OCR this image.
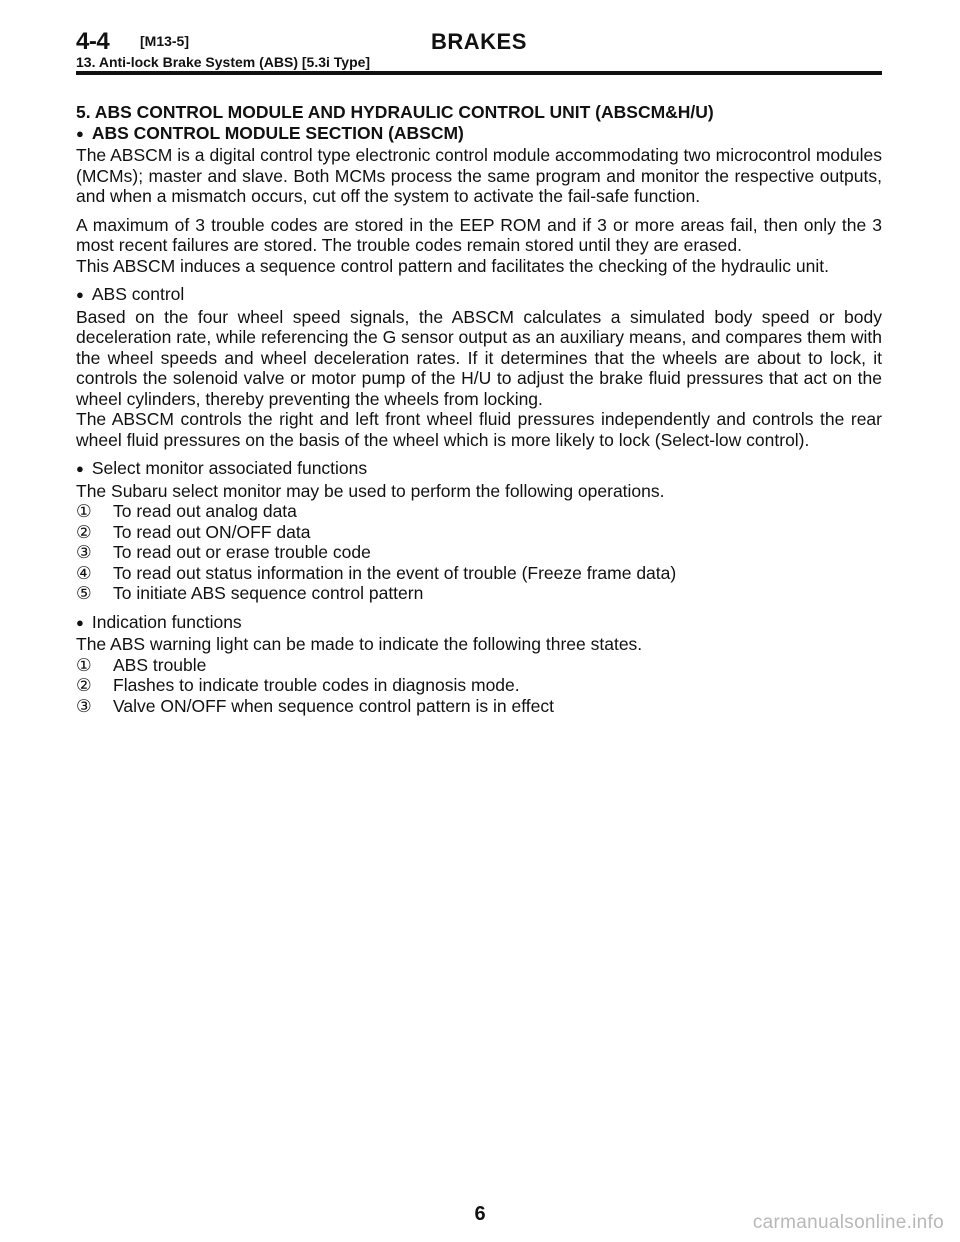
4-4 [M13-5]	BRAKES
13. Anti-lock Brake System (ABS) [5.3i Type]

5. ABS CONTROL MODULE AND HYDRAULIC CONTROL UNIT (ABSCM&H/U)

● ABS CONTROL MODULE SECTION (ABSCM)

The ABSCM is a digital control type electronic control module accommodating two microcontrol modules (MCMs); master and slave. Both MCMs process the same program and monitor the respective outputs, and when a mismatch occurs, cut off the system to activate the fail-safe function.

A maximum of 3 trouble codes are stored in the EEP ROM and if 3 or more areas fail, then only the 3 most recent failures are stored. The trouble codes remain stored until they are erased.

This ABSCM induces a sequence control pattern and facilitates the checking of the hydraulic unit.

● ABS control

Based on the four wheel speed signals, the ABSCM calculates a simulated body speed or body deceleration rate, while referencing the G sensor output as an auxiliary means, and compares them with the wheel speeds and wheel deceleration rates. If it determines that the wheels are about to lock, it controls the solenoid valve or motor pump of the H/U to adjust the brake fluid pressures that act on the wheel cylinders, thereby preventing the wheels from locking.

The ABSCM controls the right and left front wheel fluid pressures independently and controls the rear wheel fluid pressures on the basis of the wheel which is more likely to lock (Select-low control).

● Select monitor associated functions

The Subaru select monitor may be used to perform the following operations.

①	To read out analog data
②	To read out ON/OFF data
③	To read out or erase trouble code
④	To read out status information in the event of trouble (Freeze frame data)
⑤	To initiate ABS sequence control pattern

● Indication functions

The ABS warning light can be made to indicate the following three states.

①	ABS trouble
②	Flashes to indicate trouble codes in diagnosis mode.
③	Valve ON/OFF when sequence control pattern is in effect
6	carmanualsonline.info
